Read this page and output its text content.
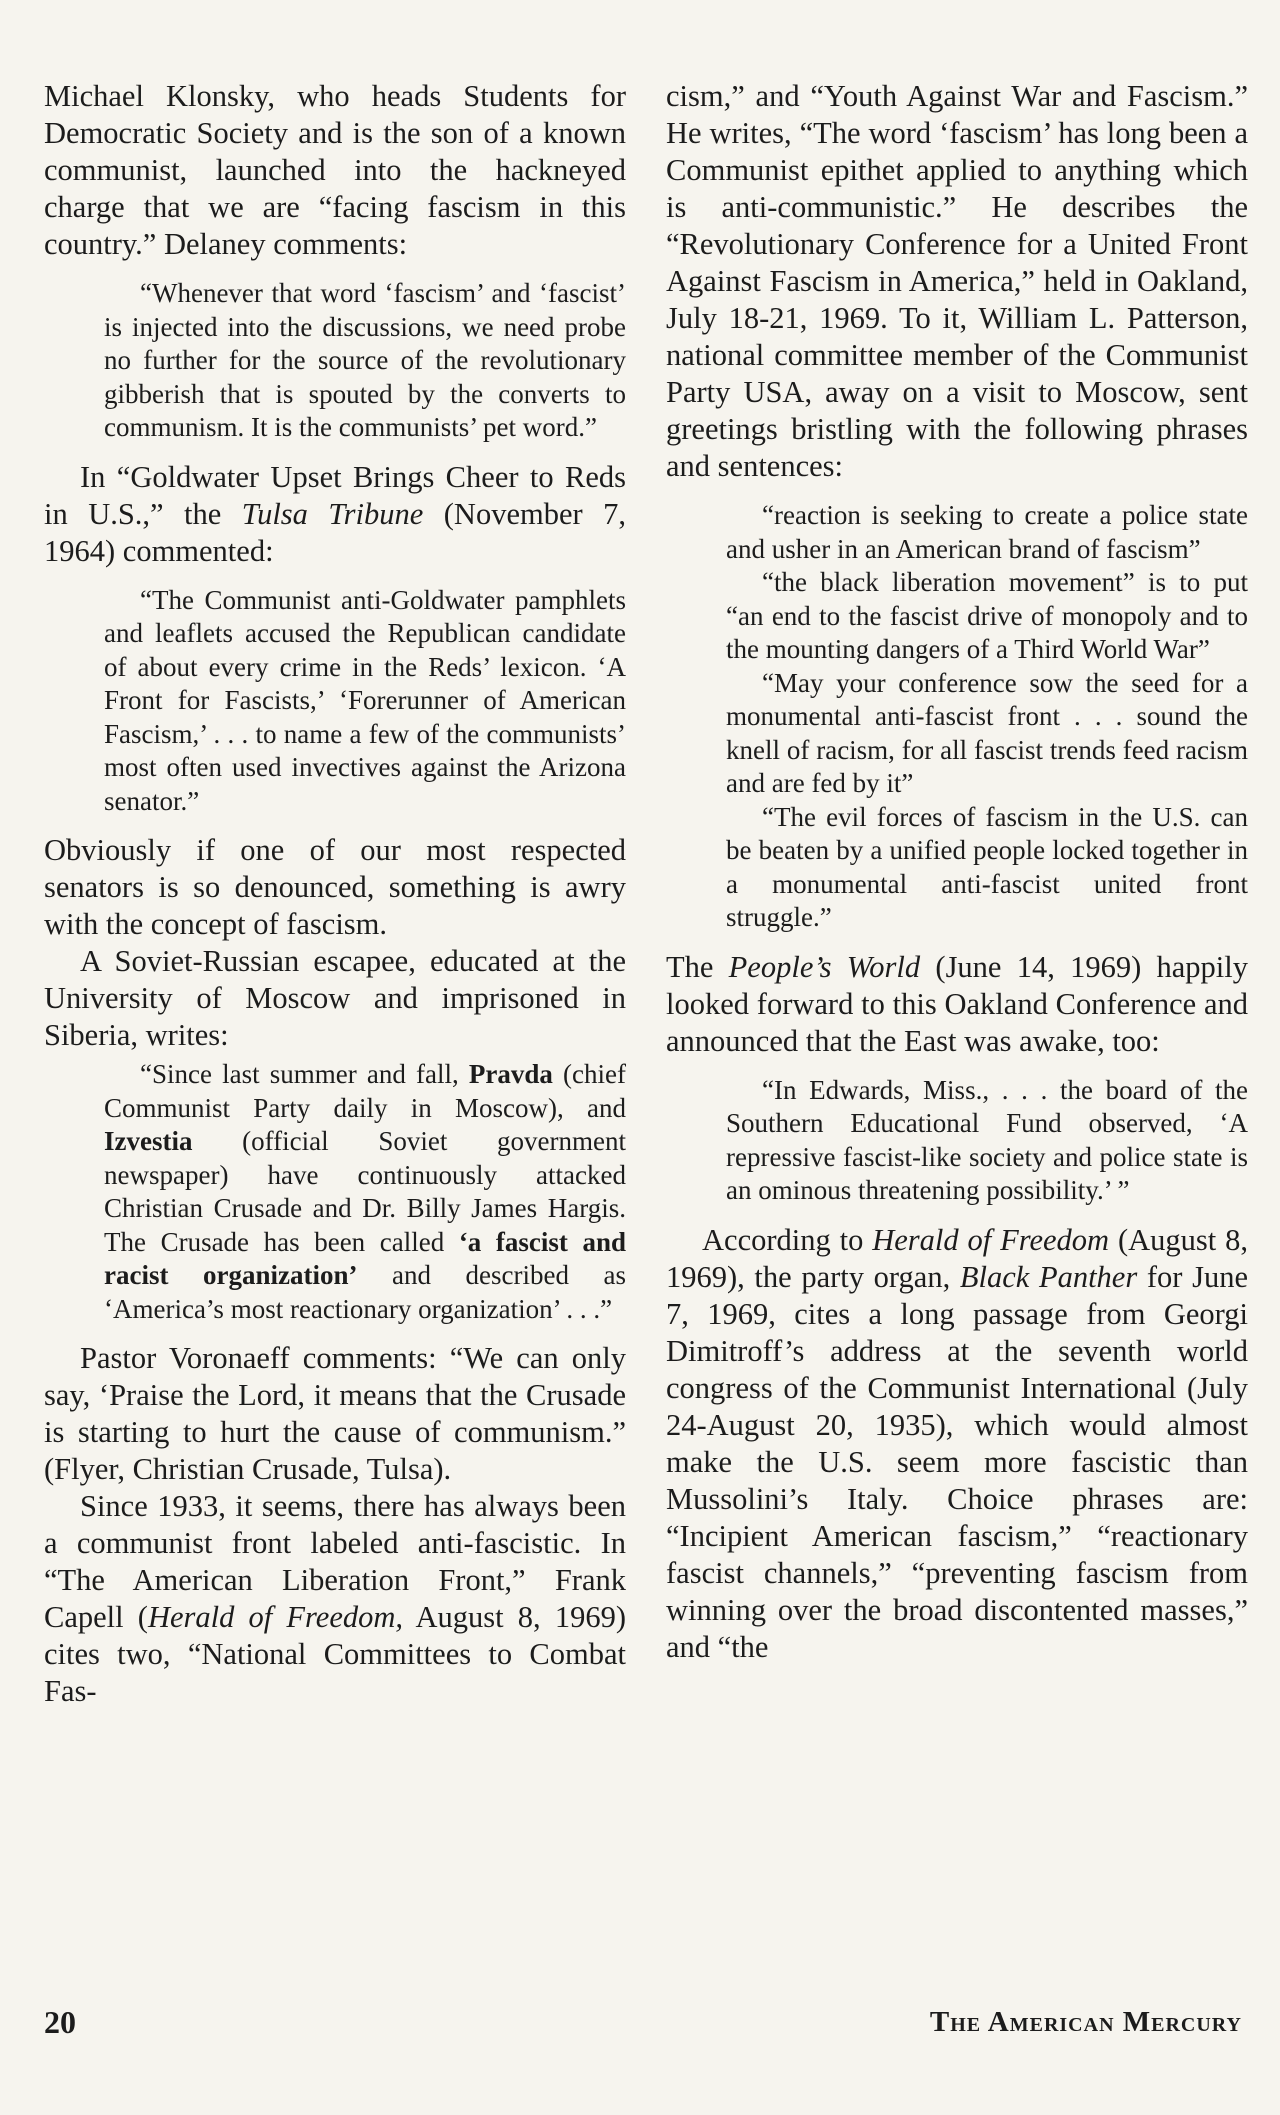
Michael Klonsky, who heads Students for Democratic Society and is the son of a known communist, launched into the hackneyed charge that we are “facing fascism in this country.” Delaney comments:

“Whenever that word ‘fascism’ and ‘fascist’ is injected into the discussions, we need probe no further for the source of the revolutionary gibberish that is spouted by the converts to communism. It is the communists’ pet word.”

In “Goldwater Upset Brings Cheer to Reds in U.S.,” the Tulsa Tribune (November 7, 1964) commented:

“The Communist anti-Goldwater pamphlets and leaflets accused the Republican candidate of about every crime in the Reds’ lexicon. ‘A Front for Fascists,’ ‘Forerunner of American Fascism,’ . . . to name a few of the communists’ most often used invectives against the Arizona senator.”

Obviously if one of our most respected senators is so denounced, something is awry with the concept of fascism.

A Soviet-Russian escapee, educated at the University of Moscow and imprisoned in Siberia, writes:

“Since last summer and fall, Pravda (chief Communist Party daily in Moscow), and Izvestia (official Soviet government newspaper) have continuously attacked Christian Crusade and Dr. Billy James Hargis. The Crusade has been called ‘a fascist and racist organization’ and described as ‘America’s most reactionary organization’ . . .”

Pastor Voronaeff comments: “We can only say, ‘Praise the Lord, it means that the Crusade is starting to hurt the cause of communism.” (Flyer, Christian Crusade, Tulsa).

Since 1933, it seems, there has always been a communist front labeled anti-fascistic. In “The American Liberation Front,” Frank Capell (Herald of Freedom, August 8, 1969) cites two, “National Committees to Combat Fas-

cism,” and “Youth Against War and Fascism.” He writes, “The word ‘fascism’ has long been a Communist epithet applied to anything which is anti-communistic.” He describes the “Revolutionary Conference for a United Front Against Fascism in America,” held in Oakland, July 18-21, 1969. To it, William L. Patterson, national committee member of the Communist Party USA, away on a visit to Moscow, sent greetings bristling with the following phrases and sentences:

“reaction is seeking to create a police state and usher in an American brand of fascism”

“the black liberation movement” is to put “an end to the fascist drive of monopoly and to the mounting dangers of a Third World War”

“May your conference sow the seed for a monumental anti-fascist front . . . sound the knell of racism, for all fascist trends feed racism and are fed by it”

“The evil forces of fascism in the U.S. can be beaten by a unified people locked together in a monumental anti-fascist united front struggle.”

The People’s World (June 14, 1969) happily looked forward to this Oakland Conference and announced that the East was awake, too:

“In Edwards, Miss., . . . the board of the Southern Educational Fund observed, ‘A repressive fascist-like society and police state is an ominous threatening possibility.’ ”

According to Herald of Freedom (August 8, 1969), the party organ, Black Panther for June 7, 1969, cites a long passage from Georgi Dimitroff’s address at the seventh world congress of the Communist International (July 24-August 20, 1935), which would almost make the U.S. seem more fascistic than Mussolini’s Italy. Choice phrases are: “Incipient American fascism,” “reactionary fascist channels,” “preventing fascism from winning over the broad discontented masses,” and “the

20	The American Mercury
